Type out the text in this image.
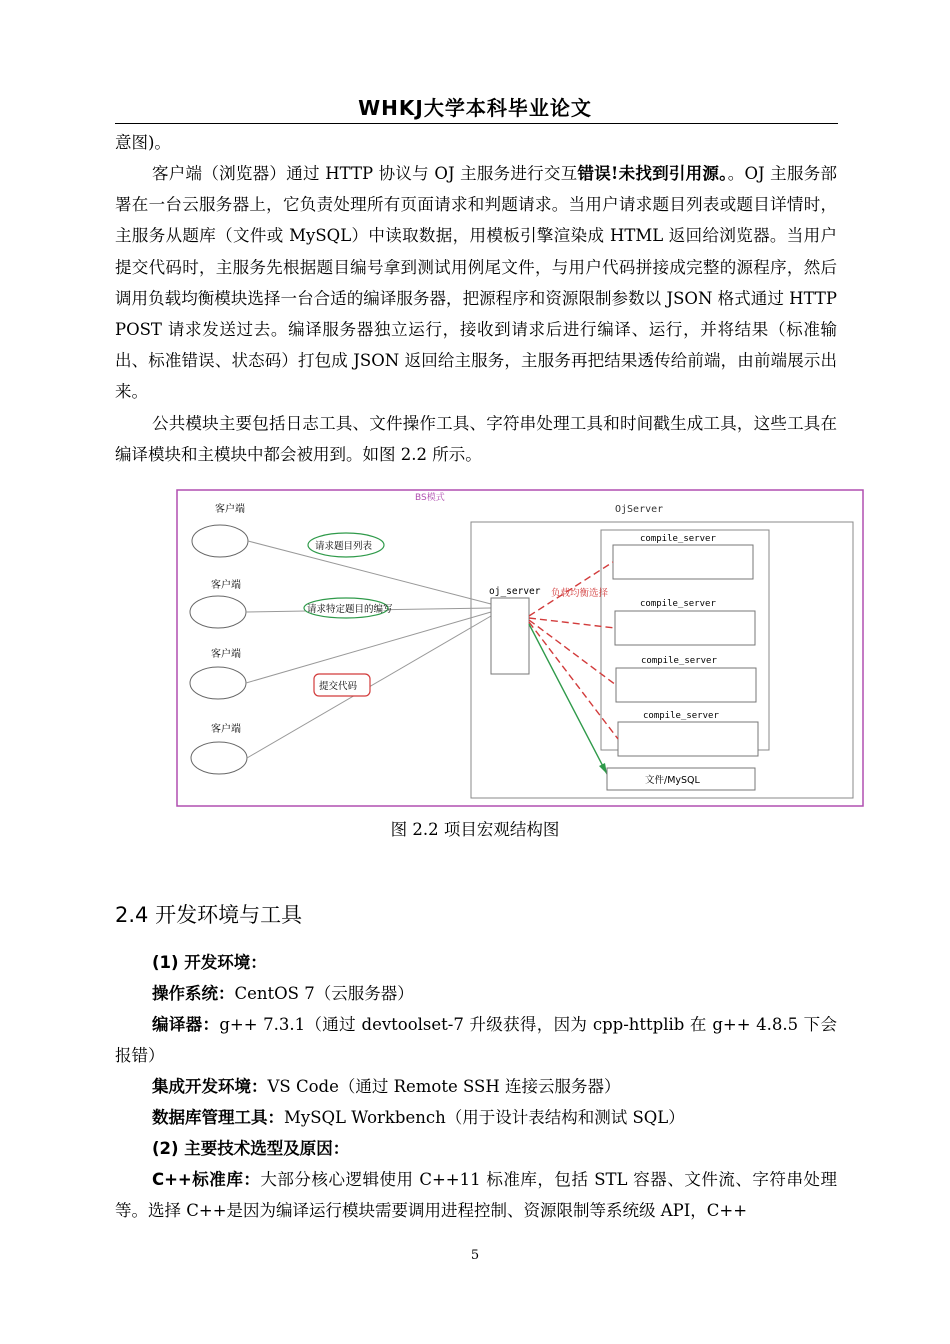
WHKJ大学本科毕业论文

意图)。

客户端（浏览器）通过 HTTP 协议与 OJ 主服务进行交互错误!未找到引用源。。OJ 主服务部署在一台云服务器上，它负责处理所有页面请求和判题请求。当用户请求题目列表或题目详情时，主服务从题库（文件或 MySQL）中读取数据，用模板引擎渲染成 HTML 返回给浏览器。当用户提交代码时，主服务先根据题目编号拿到测试用例尾文件，与用户代码拼接成完整的源程序，然后调用负载均衡模块选择一台合适的编译服务器，把源程序和资源限制参数以 JSON 格式通过 HTTP POST 请求发送过去。编译服务器独立运行，接收到请求后进行编译、运行，并将结果（标准输出、标准错误、状态码）打包成 JSON 返回给主服务，主服务再把结果透传给前端，由前端展示出来。

公共模块主要包括日志工具、文件操作工具、字符串处理工具和时间戳生成工具，这些工具在编译模块和主模块中都会被用到。如图 2.2 所示。

BS模式
OjServer
客户端
客户端
客户端
客户端
请求题目列表
请求特定题目的编写
提交代码
oj_server 负载均衡选择
compile_server
compile_server
compile_server
compile_server
文件/MySQL
图 2.2 项目宏观结构图
2.4 开发环境与工具
(1) 开发环境：
操作系统：CentOS 7（云服务器）

编译器：g++ 7.3.1（通过 devtoolset-7 升级获得，因为 cpp-httplib 在 g++ 4.8.5 下会报错）

集成开发环境：VS Code（通过 Remote SSH 连接云服务器）
数据库管理工具：MySQL Workbench（用于设计表结构和测试 SQL）
(2) 主要技术选型及原因：

C++标准库：大部分核心逻辑使用 C++11 标准库，包括 STL 容器、文件流、字符串处理等。选择 C++是因为编译运行模块需要调用进程控制、资源限制等系统级 API，C++

5
